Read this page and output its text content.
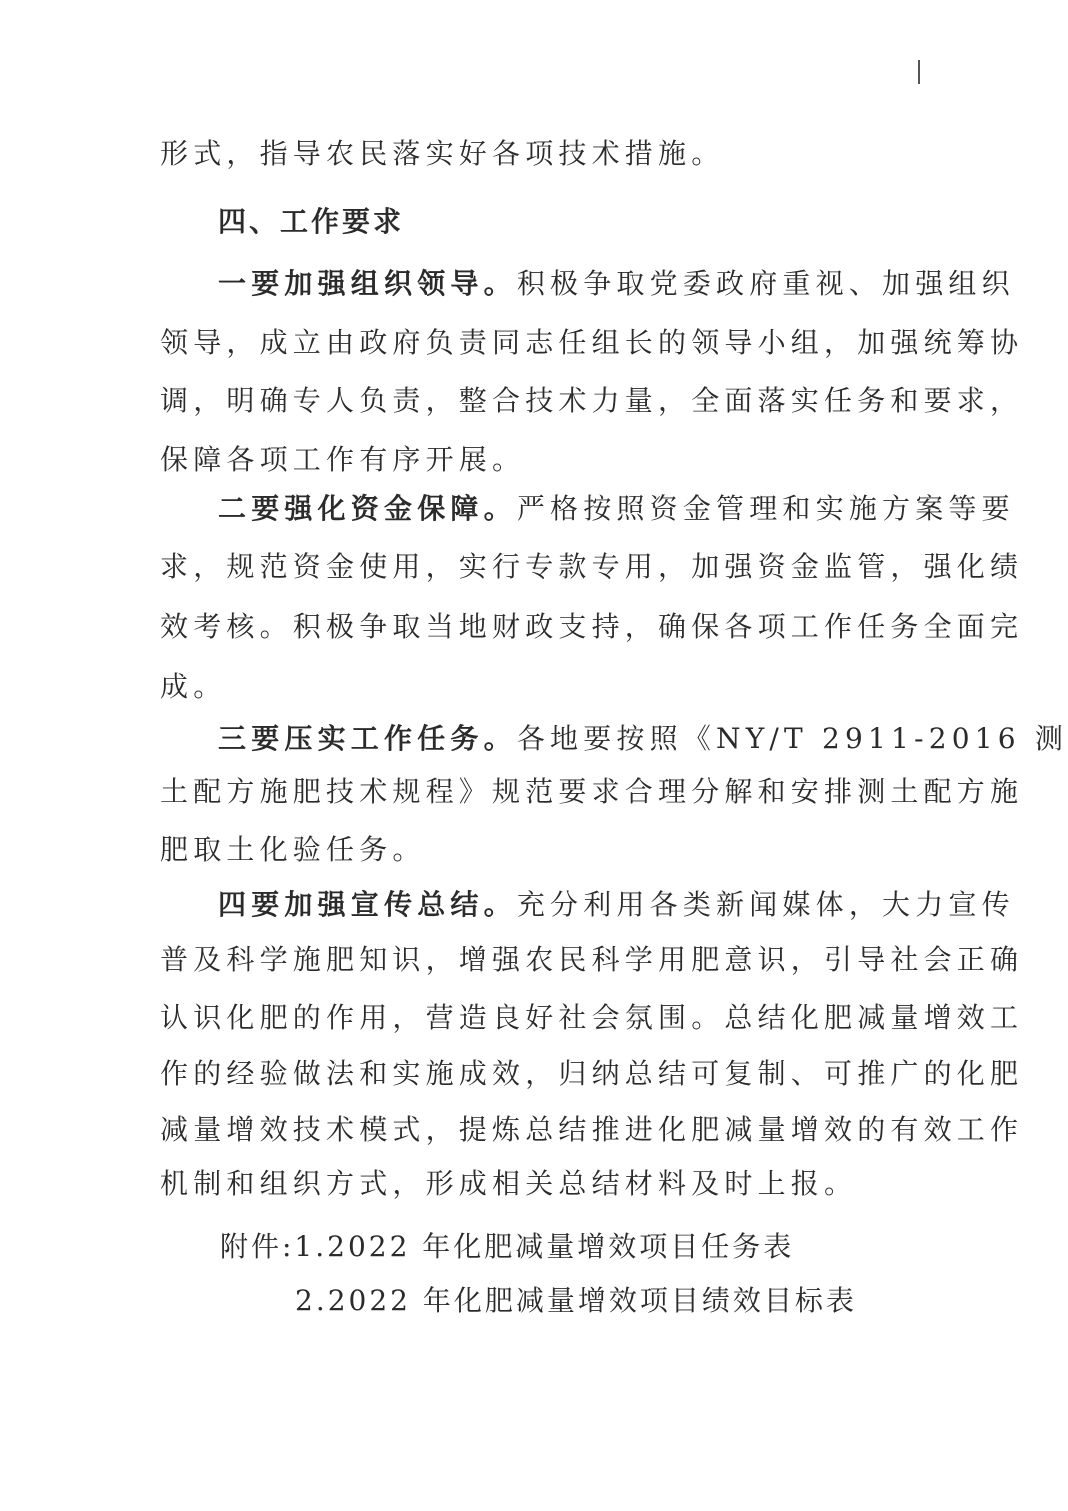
形式，指导农民落实好各项技术措施。
四、工作要求
一要加强组织领导。积极争取党委政府重视、加强组织
领导，成立由政府负责同志任组长的领导小组，加强统筹协
调，明确专人负责，整合技术力量，全面落实任务和要求，
保障各项工作有序开展。
二要强化资金保障。严格按照资金管理和实施方案等要
求，规范资金使用，实行专款专用，加强资金监管，强化绩
效考核。积极争取当地财政支持，确保各项工作任务全面完
成。
三要压实工作任务。各地要按照《NY/T 2911-2016 测
土配方施肥技术规程》规范要求合理分解和安排测土配方施
肥取土化验任务。
四要加强宣传总结。充分利用各类新闻媒体，大力宣传
普及科学施肥知识，增强农民科学用肥意识，引导社会正确
认识化肥的作用，营造良好社会氛围。总结化肥减量增效工
作的经验做法和实施成效，归纳总结可复制、可推广的化肥
减量增效技术模式，提炼总结推进化肥减量增效的有效工作
机制和组织方式，形成相关总结材料及时上报。
附件:1.2022 年化肥减量增效项目任务表
2.2022 年化肥减量增效项目绩效目标表
